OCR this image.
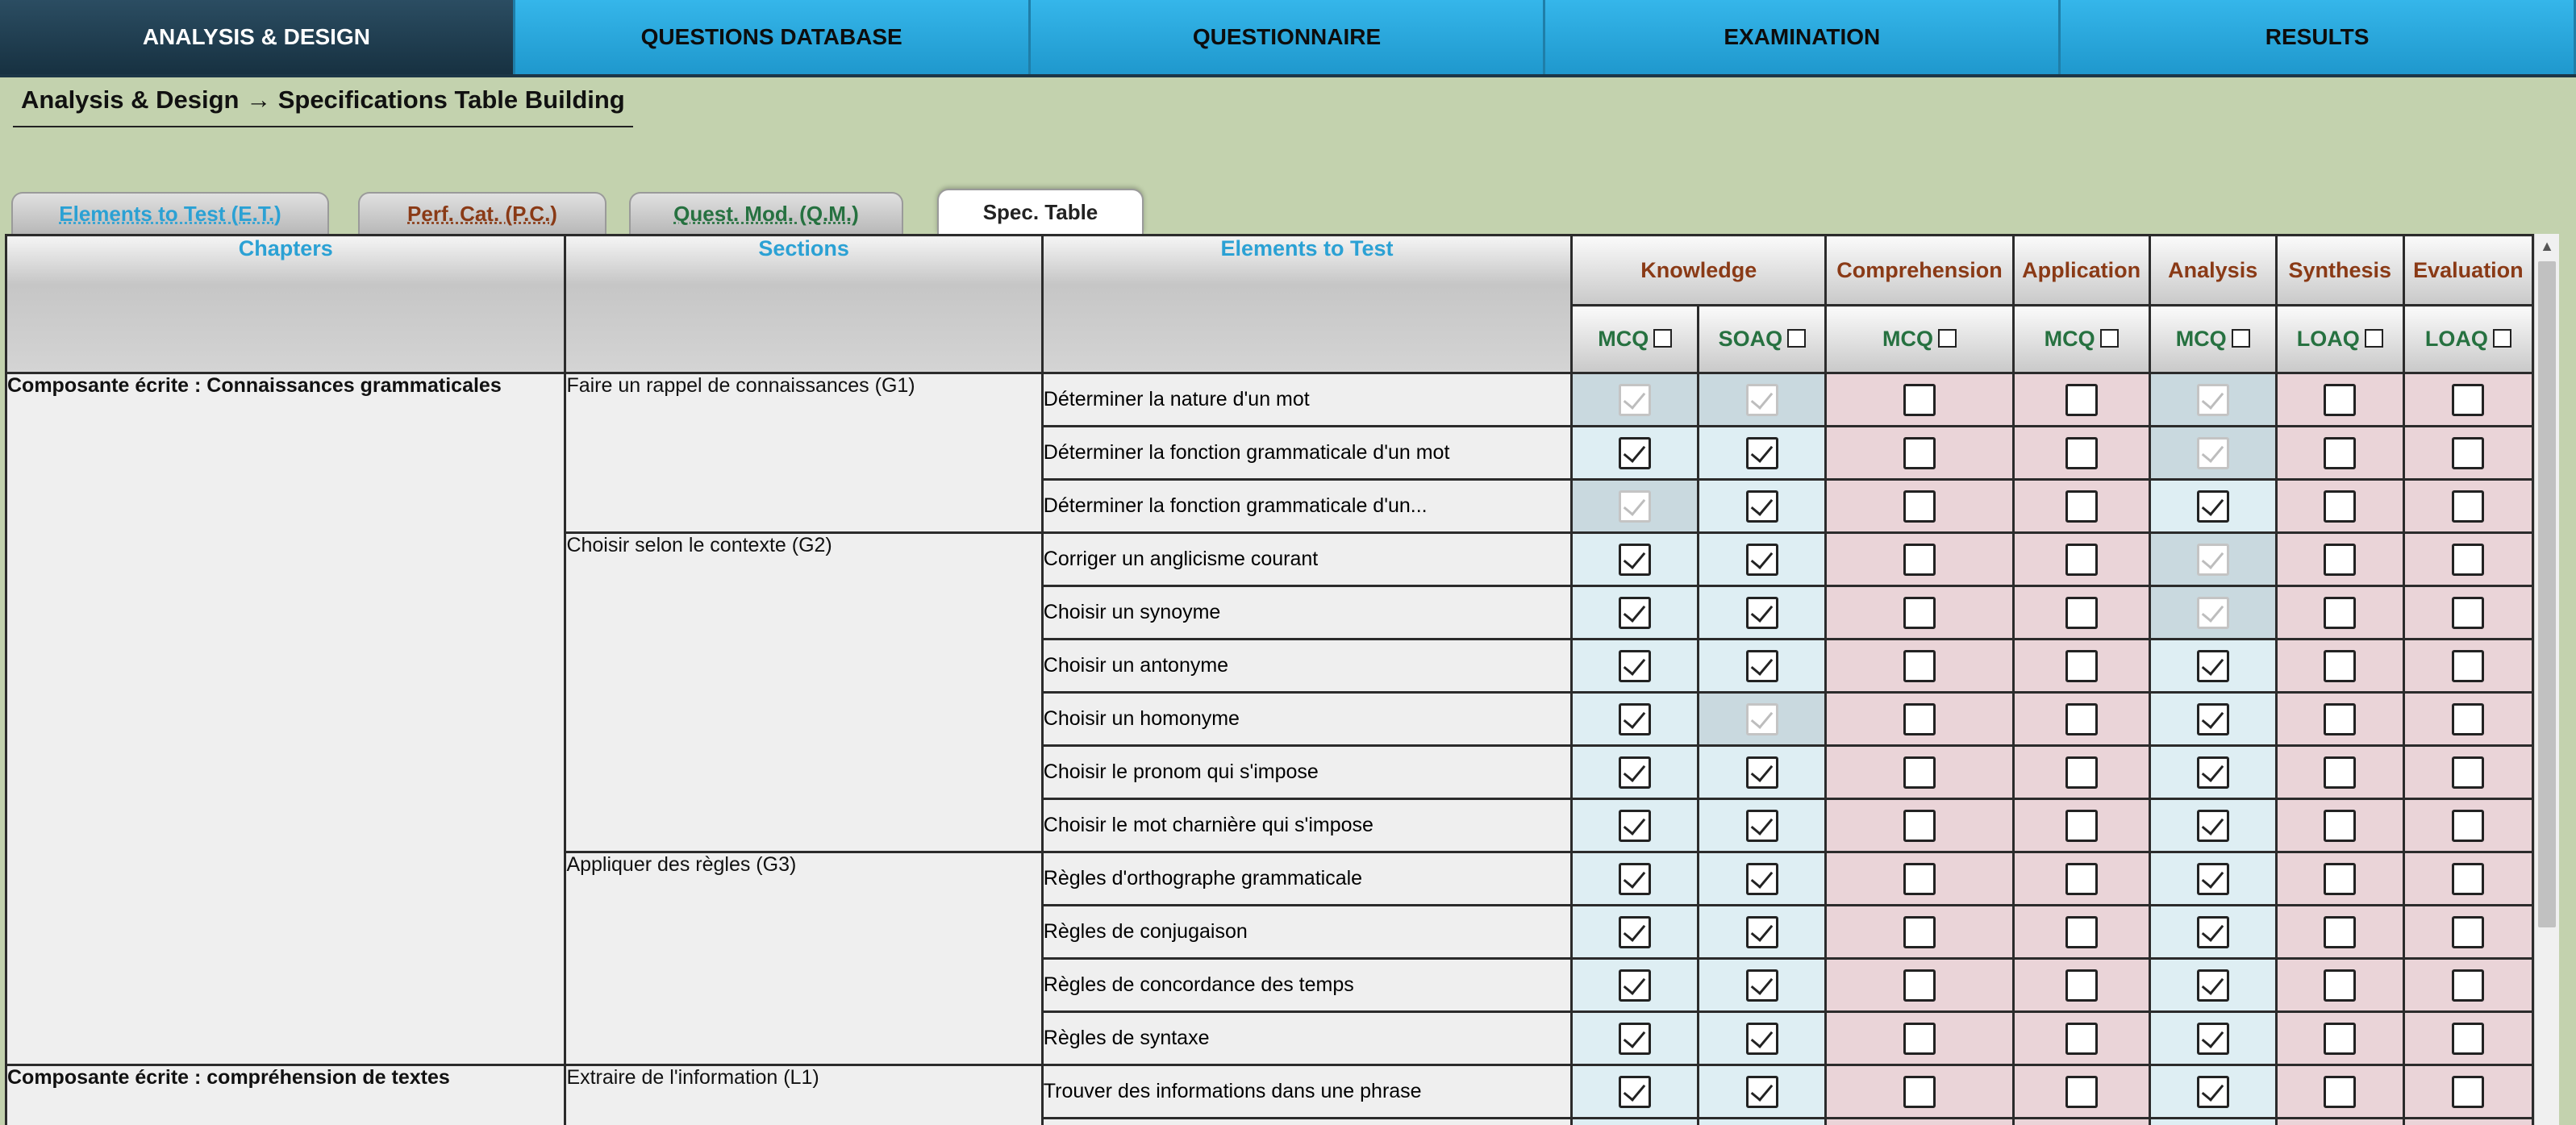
ANALYSIS & DESIGN	QUESTIONS DATABASE	QUESTIONNAIRE	EXAMINATION	RESULTS
Analysis & Design → Specifications Table Building
Elements to Test (E.T.)	Perf. Cat. (P.C.)	Quest. Mod. (Q.M.)	Spec. Table
Chapters	Sections	Elements to Test	Knowledge		Comprehension	Application	Analysis	Synthesis	Evaluation
			MCQ	SOAQ	MCQ	MCQ	MCQ	LOAQ	LOAQ
Composante écrite : Connaissances grammaticales	Faire un rappel de connaissances (G1)	Déterminer la nature d'un mot							
		Déterminer la fonction grammaticale d'un mot							
		Déterminer la fonction grammaticale d'un...							
	Choisir selon le contexte (G2)	Corriger un anglicisme courant							
		Choisir un synoyme							
		Choisir un antonyme							
		Choisir un homonyme							
		Choisir le pronom qui s'impose							
		Choisir le mot charnière qui s'impose							
	Appliquer des règles (G3)	Règles d'orthographe grammaticale							
		Règles de conjugaison							
		Règles de concordance des temps							
		Règles de syntaxe							
Composante écrite : compréhension de textes	Extraire de l'information (L1)	Trouver des informations dans une phrase							

▲
